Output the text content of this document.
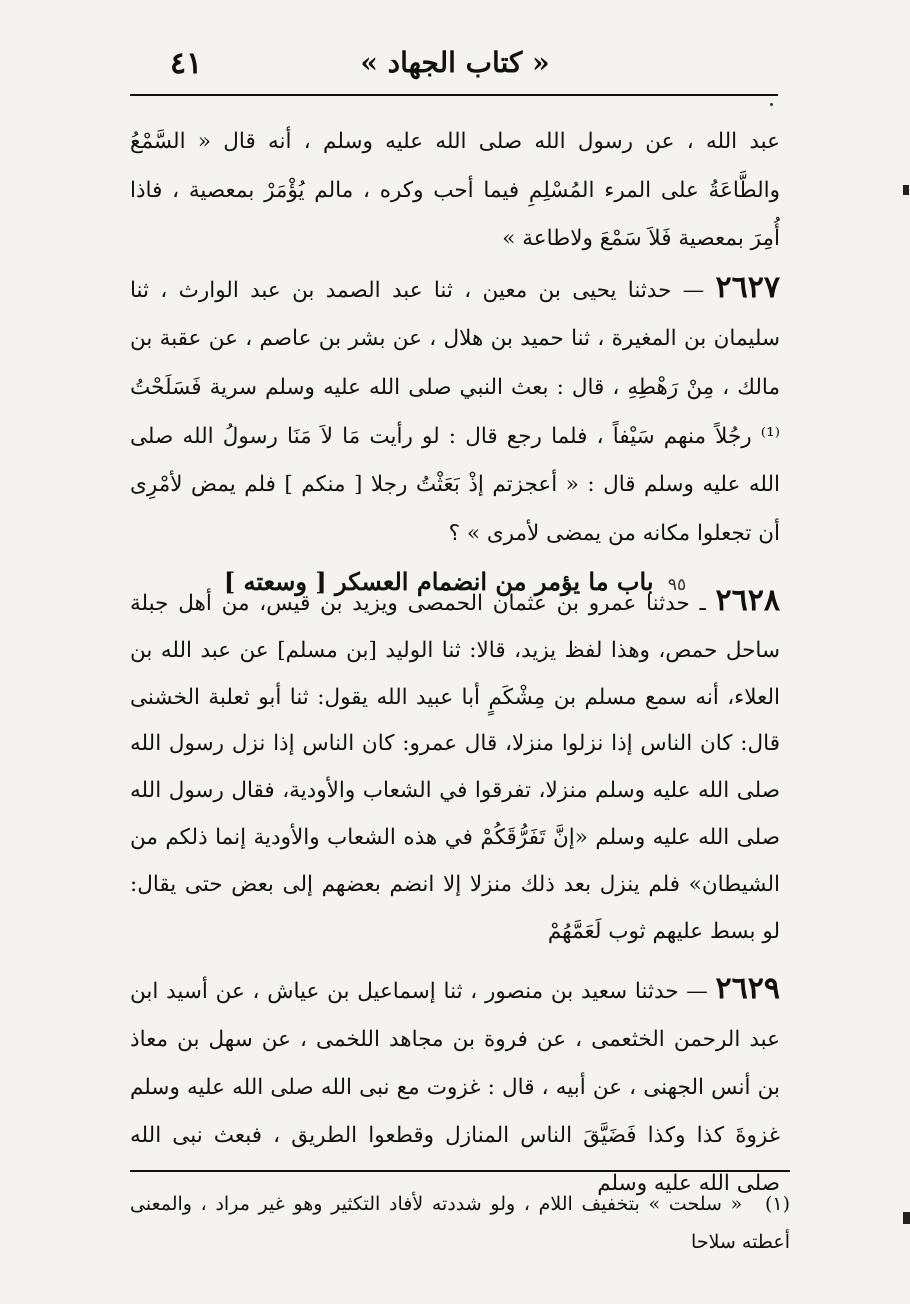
« كتاب الجهاد »
٤١

عبد الله ، عن رسول الله صلى الله عليه وسلم ، أنه قال « السَّمْعُ والطَّاعَةُ على المرء المُسْلِمِ فيما أحب وكره ، مالم يُؤْمَرْ بمعصية ، فاذا أُمِرَ بمعصية فَلاَ سَمْعَ ولاطاعة »

٢٦٢٧ — حدثنا يحيى بن معين ، ثنا عبد الصمد بن عبد الوارث ، ثنا سليمان بن المغيرة ، ثنا حميد بن هلال ، عن بشر بن عاصم ، عن عقبة بن مالك ، مِنْ رَهْطِهِ ، قال : بعث النبي صلى الله عليه وسلم سرية فَسَلَحْتُ ⁽¹⁾ رجُلاً منهم سَيْفاً ، فلما رجع قال : لو رأيت مَا لاَ مَنَا رسولُ الله صلى الله عليه وسلم قال : « أعجزتم إذْ بَعَثْتُ رجلا [ منكم ] فلم يمض لأمْرِى أن تجعلوا مكانه من يمضى لأمرى » ؟

٩٥ باب ما يؤمر من انضمام العسكر [ وسعته ]

٢٦٢٨ ـ حدثنا عمرو بن عثمان الحمصى ويزيد بن قيس، من أهل جبلة ساحل حمص، وهذا لفظ يزيد، قالا: ثنا الوليد [بن مسلم] عن عبد الله بن العلاء، أنه سمع مسلم بن مِشْكَمٍ أبا عبيد الله يقول: ثنا أبو ثعلبة الخشنى قال: كان الناس إذا نزلوا منزلا، قال عمرو: كان الناس إذا نزل رسول الله صلى الله عليه وسلم منزلا، تفرقوا في الشعاب والأودية، فقال رسول الله صلى الله عليه وسلم «إنَّ تَفَرُّقَكُمْ في هذه الشعاب والأودية إنما ذلكم من الشيطان» فلم ينزل بعد ذلك منزلا إلا انضم بعضهم إلى بعض حتى يقال: لو بسط عليهم ثوب لَعَمَّهُمْ

٢٦٢٩ — حدثنا سعيد بن منصور ، ثنا إسماعيل بن عياش ، عن أسيد ابن عبد الرحمن الخثعمى ، عن فروة بن مجاهد اللخمى ، عن سهل بن معاذ بن أنس الجهنى ، عن أبيه ، قال : غزوت مع نبى الله صلى الله عليه وسلم غزوةَ كذا وكذا فَضَيَّقَ الناس المنازل وقطعوا الطريق ، فبعث نبى الله صلى الله عليه وسلم

(١) « سلحت » بتخفيف اللام ، ولو شددته لأفاد التكثير وهو غير مراد ، والمعنى أعطته سلاحا
